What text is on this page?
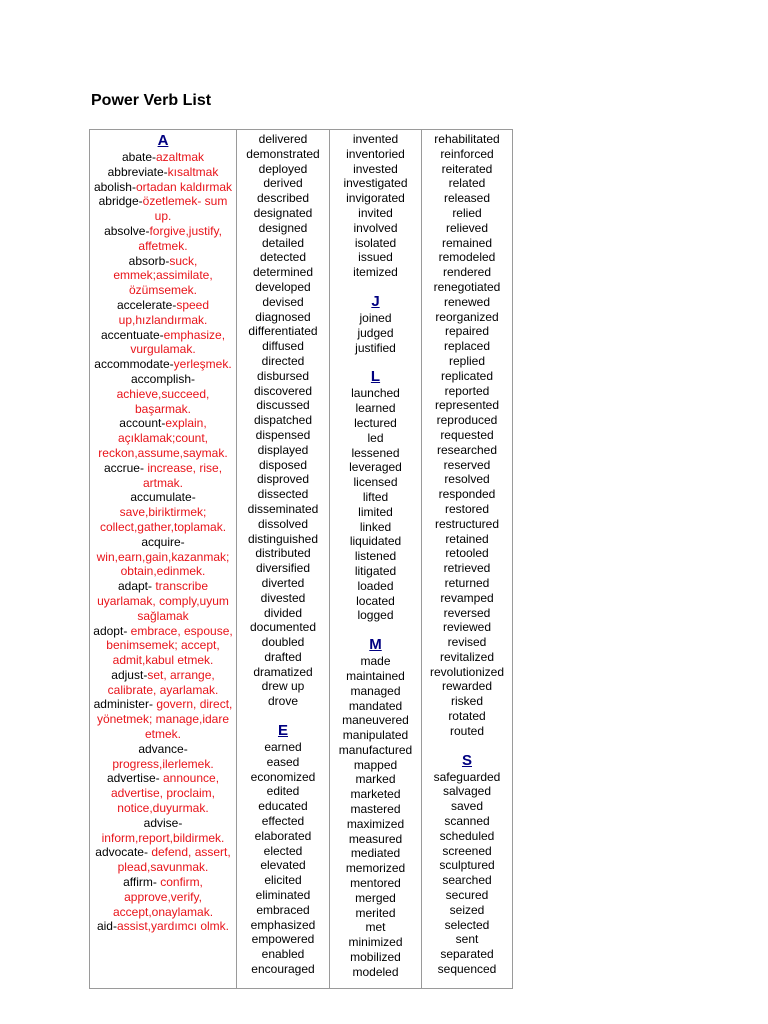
Power Verb List
A
abate-azaltmak
abbreviate-kısaltmak
abolish-ortadan kaldırmak
abridge-özetlemek- sum up.
absolve-forgive,justify, affetmek.
absorb-suck, emmek;assimilate, özümsemek.
accelerate-speed up,hızlandırmak.
accentuate-emphasize, vurgulamak.
accommodate-yerleşmek.
accomplish-achieve,succeed, başarmak.
account-explain, açıklamak;count, reckon,assume,saymak.
accrue- increase, rise, artmak.
accumulate-save,biriktirmek; collect,gather,toplamak.
acquire-win,earn,gain,kazanmak; obtain,edinmek.
adapt- transcribe uyarlamak, comply,uyum sağlamak
adopt- embrace, espouse, benimsemek; accept, admit,kabul etmek.
adjust-set, arrange, calibrate, ayarlamak.
administer- govern, direct, yönetmek; manage,idare etmek.
advance-progress,ilerlemek.
advertise- announce, advertise, proclaim, notice,duyurmak.
advise-inform,report,bildirmek.
advocate- defend, assert, plead,savunmak.
affirm- confirm, approve,verify, accept,onaylamak.
aid-assist,yardımcı olmk.
delivered
demonstrated
deployed
derived
described
designated
designed
detailed
detected
determined
developed
devised
diagnosed
differentiated
diffused
directed
disbursed
discovered
discussed
dispatched
dispensed
displayed
disposed
disproved
dissected
disseminated
dissolved
distinguished
distributed
diversified
diverted
divested
divided
documented
doubled
drafted
dramatized
drew up
drove
E
earned
eased
economized
edited
educated
effected
elaborated
elected
elevated
elicited
eliminated
embraced
emphasized
empowered
enabled
encouraged
invented
inventoried
invested
investigated
invigorated
invited
involved
isolated
issued
itemized
J
joined
judged
justified
L
launched
learned
lectured
led
lessened
leveraged
licensed
lifted
limited
linked
liquidated
listened
litigated
loaded
located
logged
M
made
maintained
managed
mandated
maneuvered
manipulated
manufactured
mapped
marked
marketed
mastered
maximized
measured
mediated
memorized
mentored
merged
merited
met
minimized
mobilized
modeled
rehabilitated
reinforced
reiterated
related
released
relied
relieved
remained
remodeled
rendered
renegotiated
renewed
reorganized
repaired
replaced
replied
replicated
reported
represented
reproduced
requested
researched
reserved
resolved
responded
restored
restructured
retained
retooled
retrieved
returned
revamped
reversed
reviewed
revised
revitalized
revolutionized
rewarded
risked
rotated
routed
S
safeguarded
salvaged
saved
scanned
scheduled
screened
sculptured
searched
secured
seized
selected
sent
separated
sequenced
